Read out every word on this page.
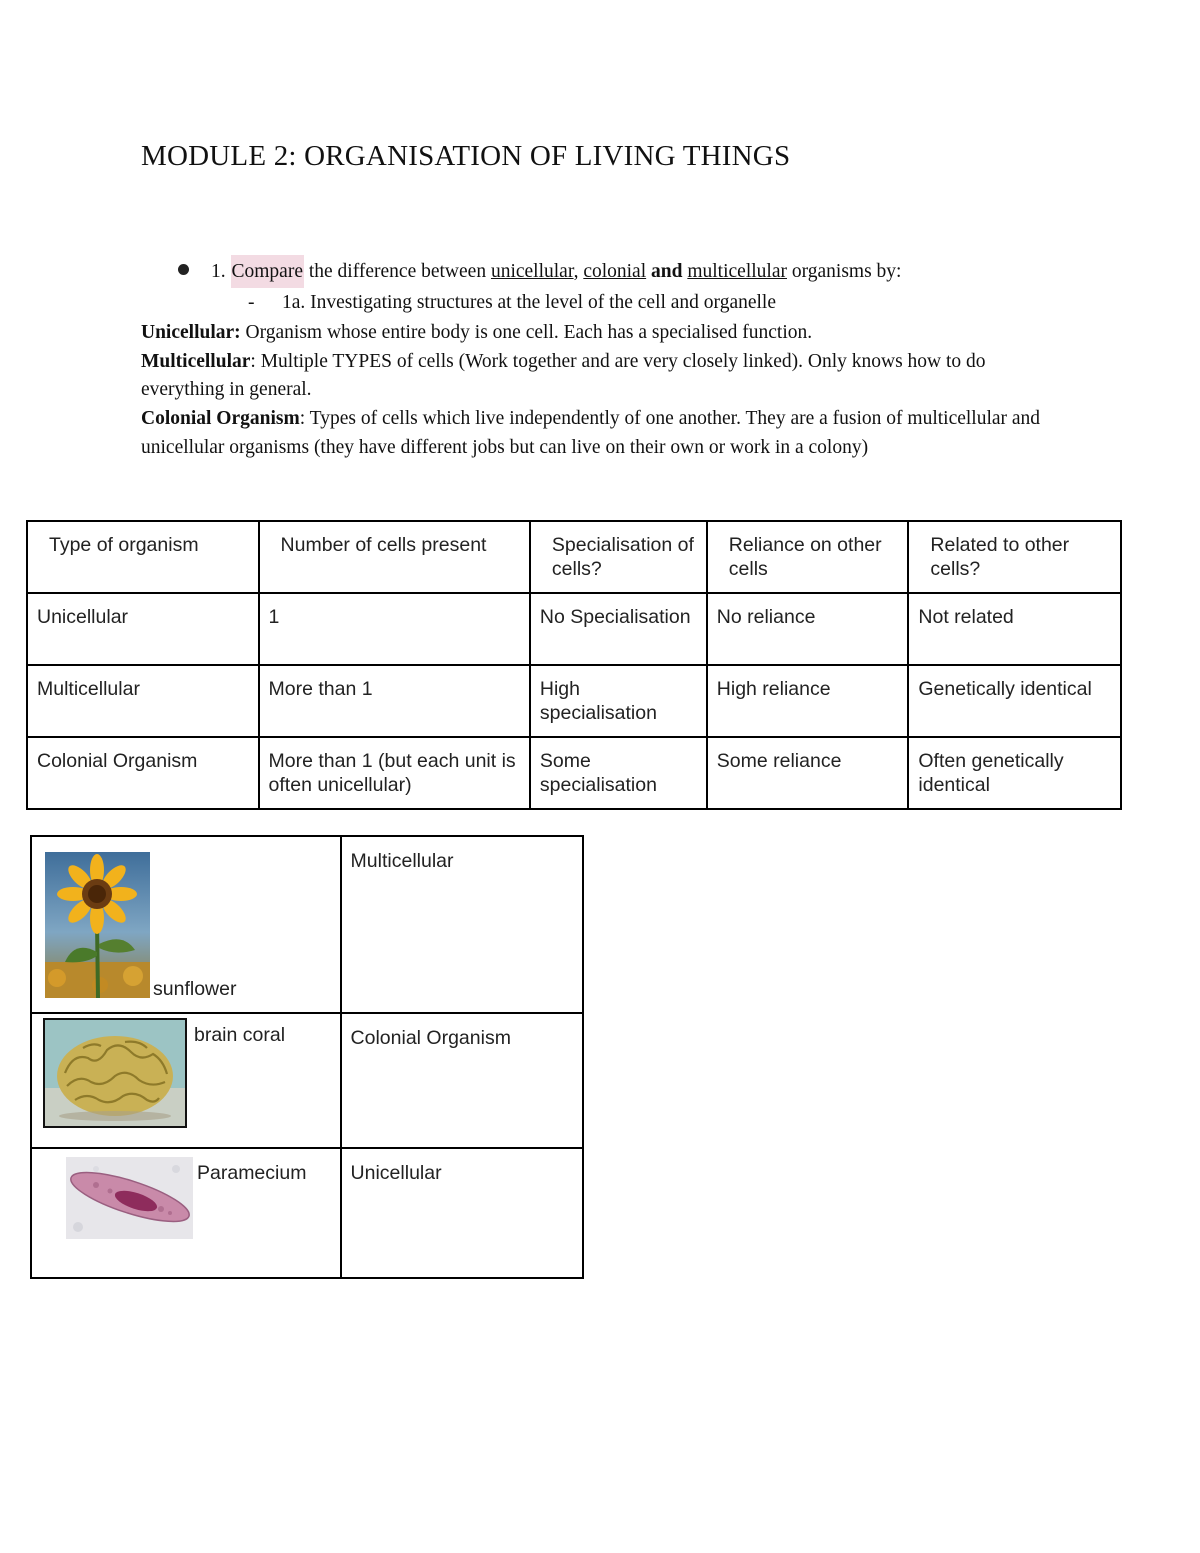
MODULE 2: ORGANISATION OF LIVING THINGS
1. Compare the difference between unicellular, colonial and multicellular organisms by:
- 1a. Investigating structures at the level of the cell and organelle

Unicellular: Organism whose entire body is one cell. Each has a specialised function.

Multicellular: Multiple TYPES of cells (Work together and are very closely linked). Only knows how to do everything in general.

Colonial Organism: Types of cells which live independently of one another. They are a fusion of multicellular and unicellular organisms (they have different jobs but can live on their own or work in a colony)

Type of organism	Number of cells present	Specialisation of cells?	Reliance on other cells	Related to other cells?
Unicellular	1	No Specialisation	No reliance	Not related
Multicellular	More than 1	High specialisation	High reliance	Genetically identical
Colonial Organism	More than 1 (but each unit is often unicellular)	Some specialisation	Some reliance	Often genetically identical
sunflower	Multicellular

brain coral	Colonial Organism

Paramecium	Unicellular
